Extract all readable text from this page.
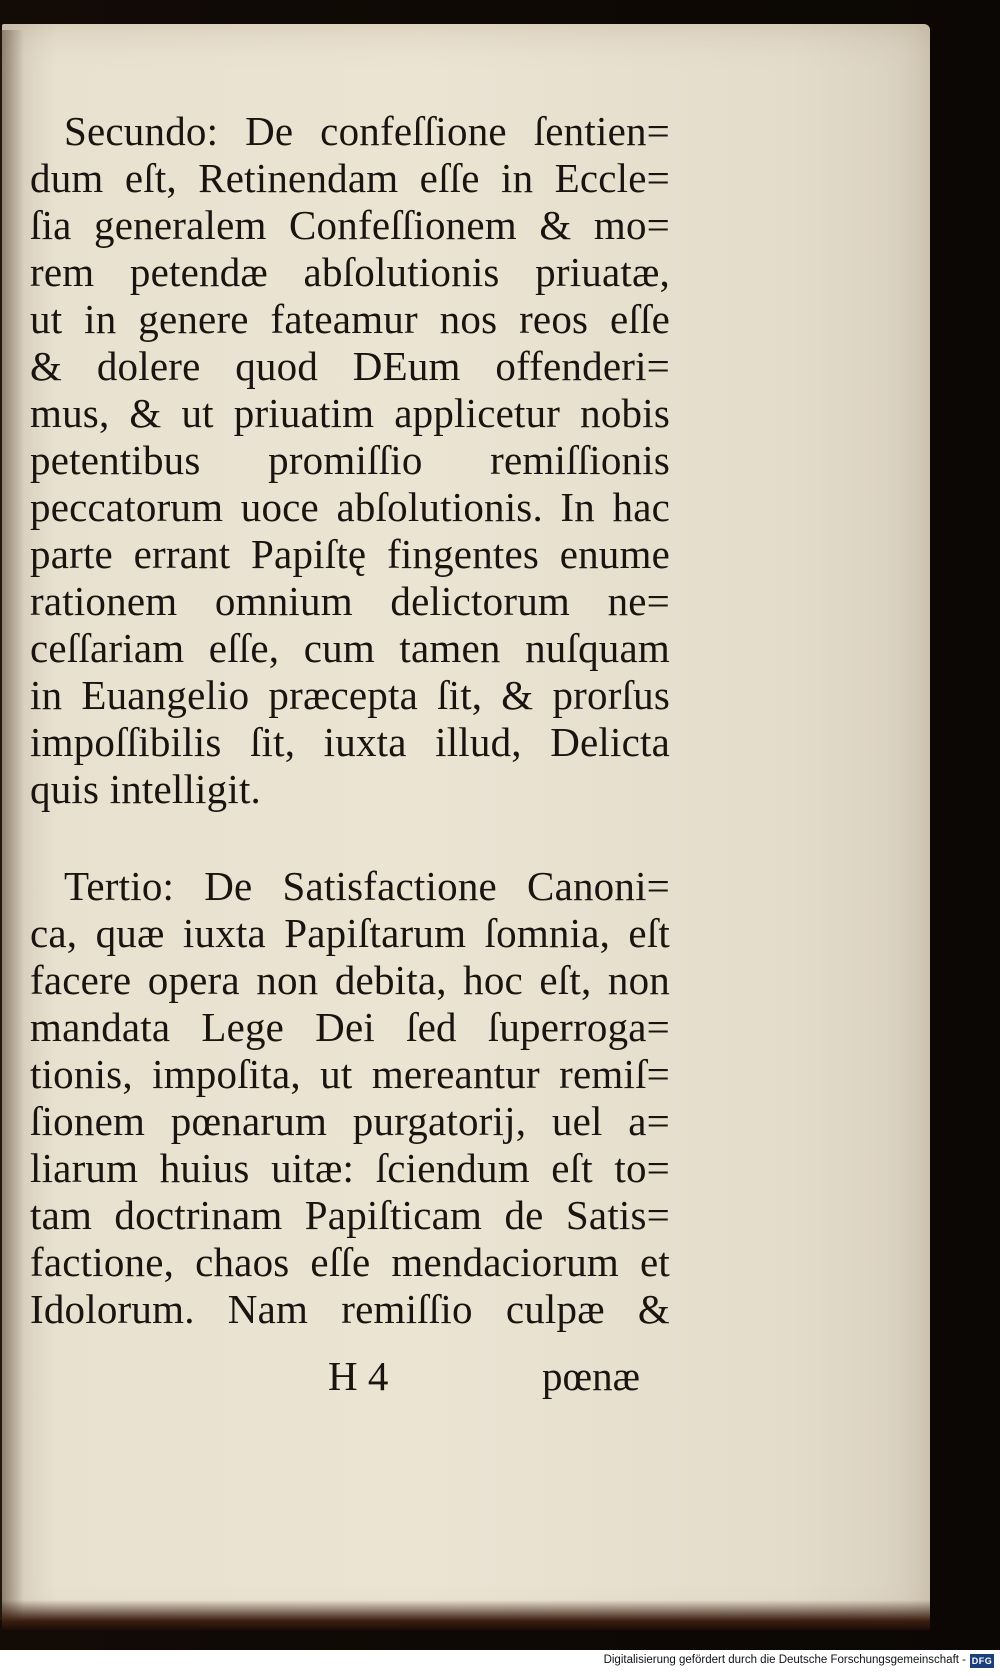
Secundo: De confeſſione ſentien=
dum eſt, Retinendam eſſe in Eccle=
ſia generalem Confeſſionem & mo=
rem petendæ abſolutionis priuatæ,
ut in genere fateamur nos reos eſſe
& dolere quod DEum offenderi=
mus, & ut priuatim applicetur nobis
petentibus promiſſio remiſſionis
peccatorum uoce abſolutionis. In hac
parte errant Papiſtę fingentes enume
rationem omnium delictorum ne=
ceſſariam eſſe, cum tamen nuſquam
in Euangelio præcepta ſit, & prorſus
impoſſibilis ſit, iuxta illud, Delicta
quis intelligit.
Tertio: De Satisfactione Canoni=
ca, quæ iuxta Papiſtarum ſomnia, eſt
facere opera non debita, hoc eſt, non
mandata Lege Dei ſed ſuperroga=
tionis, impoſita, ut mereantur remiſ=
ſionem pœnarum purgatorij, uel a=
liarum huius uitæ: ſciendum eſt to=
tam doctrinam Papiſticam de Satis=
factione, chaos eſſe mendaciorum et
Idolorum. Nam remiſſio culpæ &
H 4	pœnæ
Digitalisierung gefördert durch die Deutsche Forschungsgemeinschaft - DFG
